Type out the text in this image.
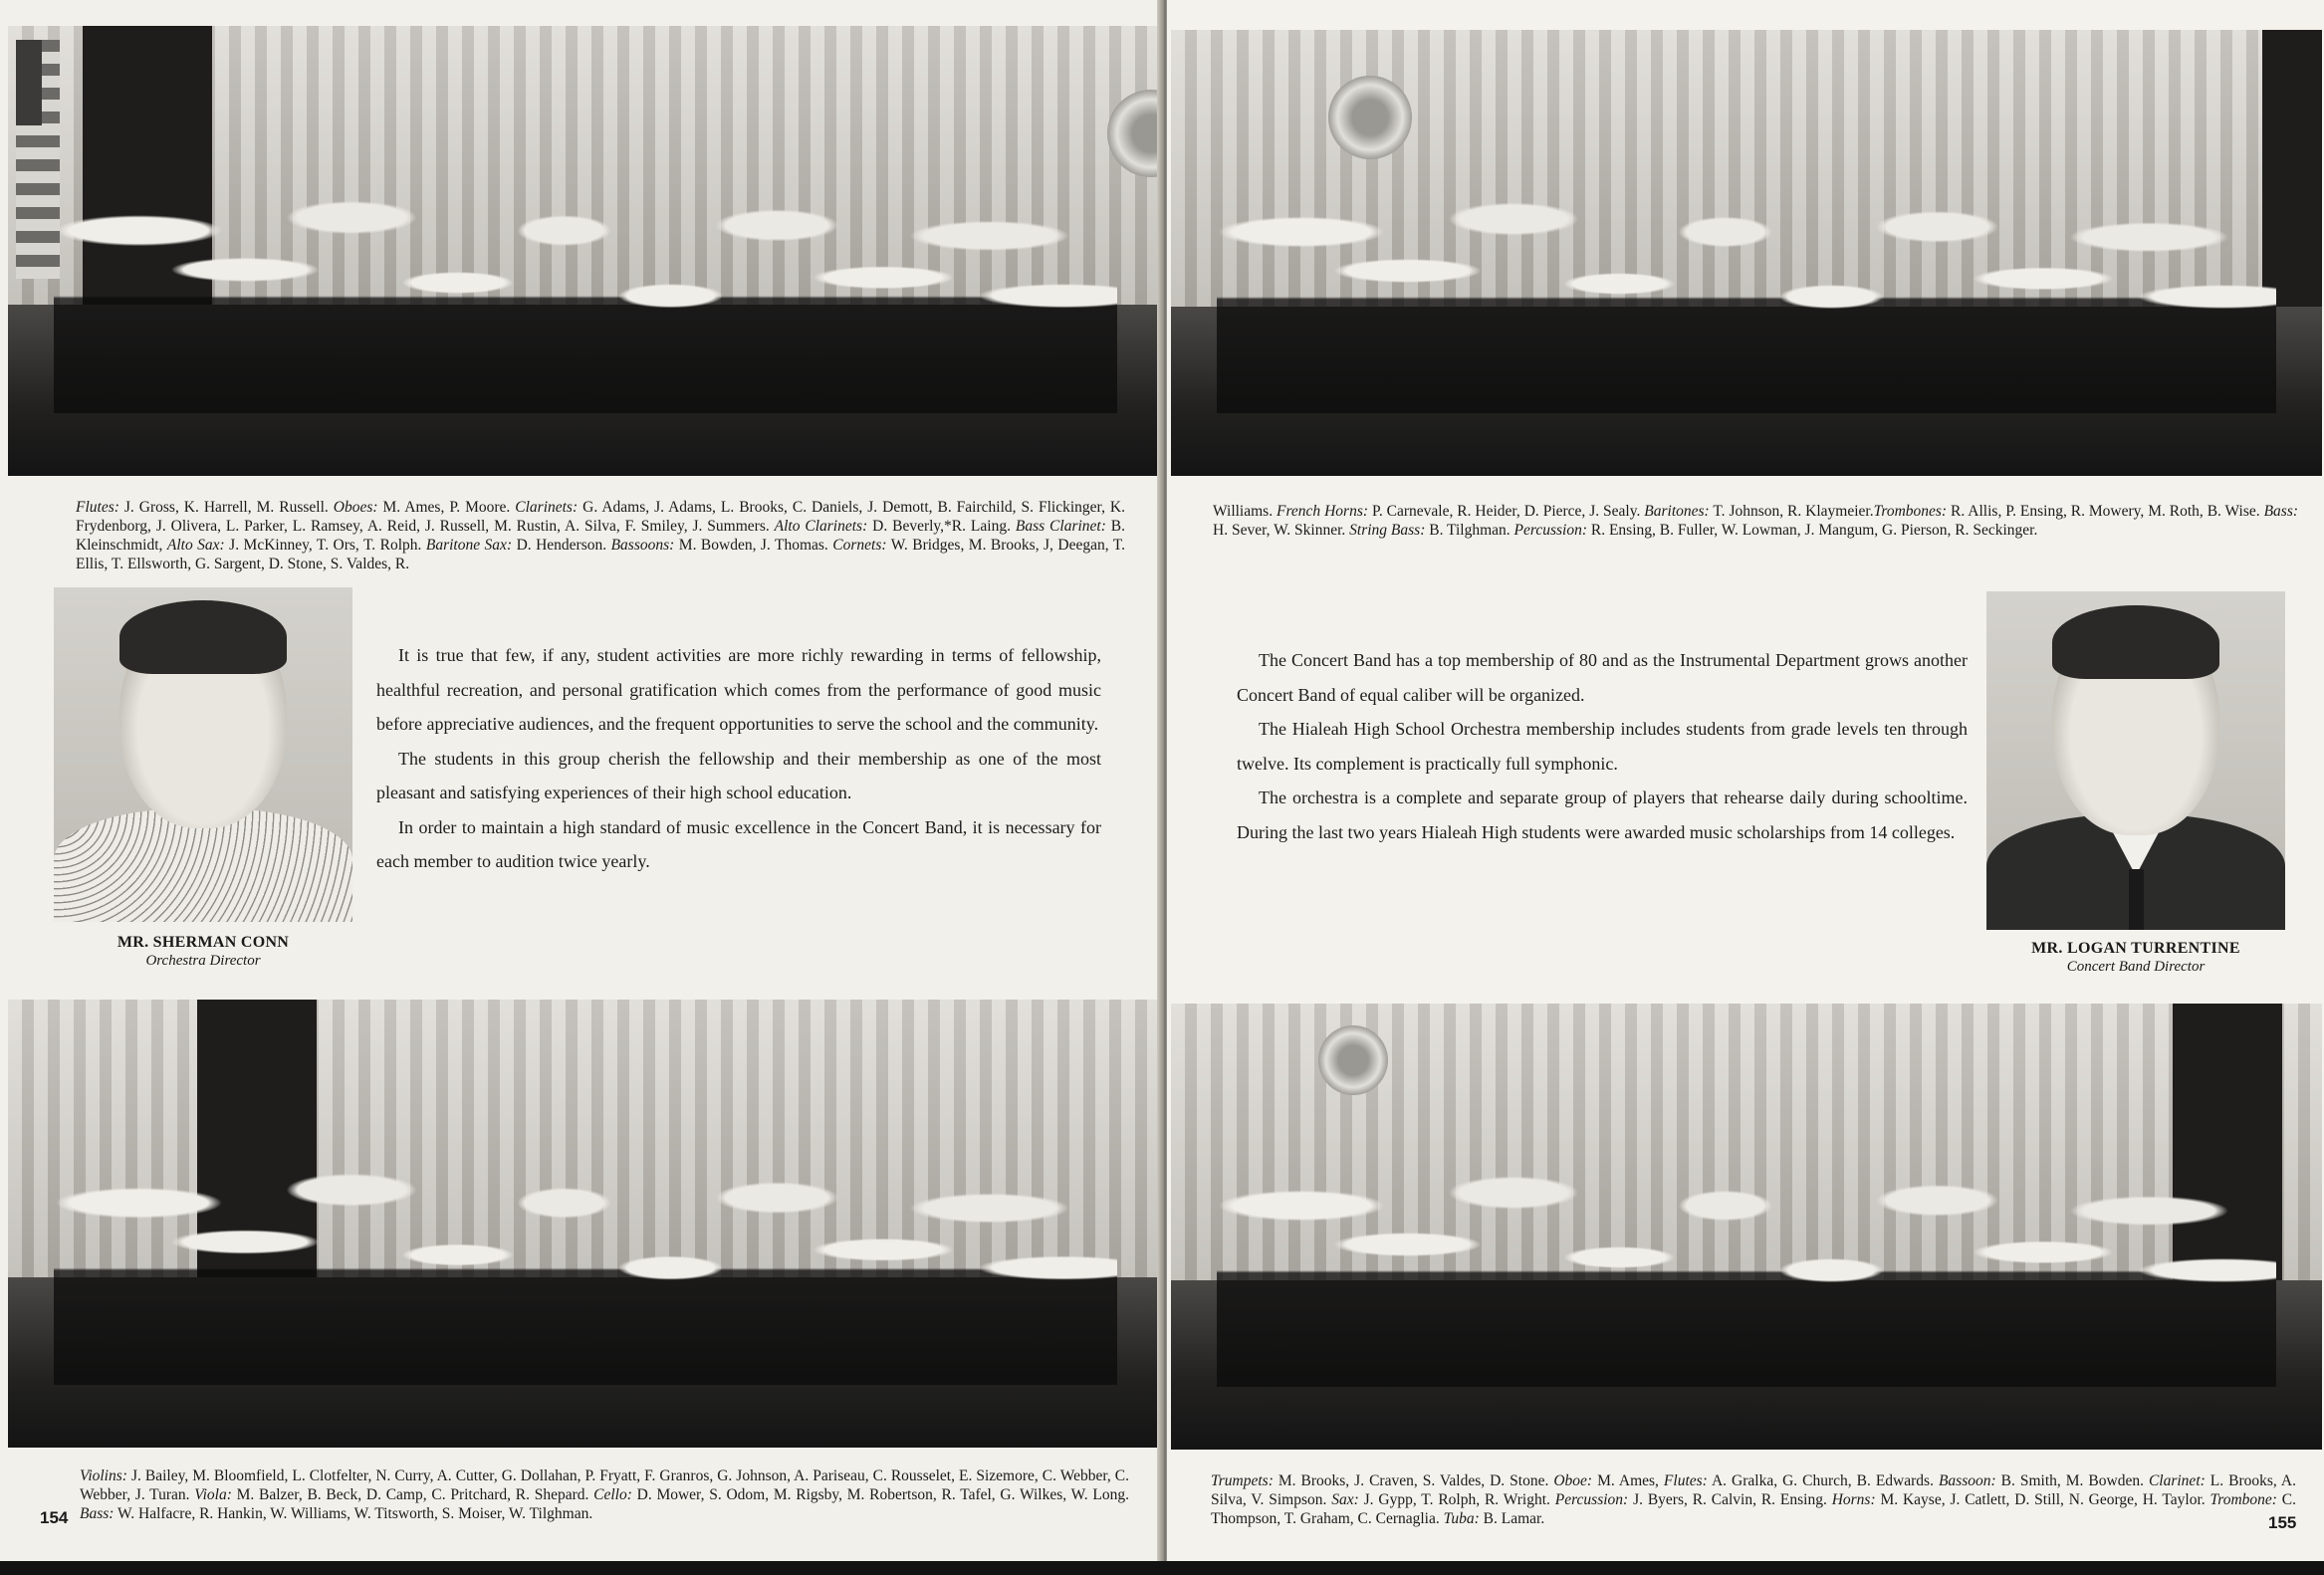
Flutes: J. Gross, K. Harrell, M. Russell. Oboes: M. Ames, P. Moore. Clarinets: G. Adams, J. Adams, L. Brooks, C. Daniels, J. Demott, B. Fairchild, S. Flickinger, K. Frydenborg, J. Olivera, L. Parker, L. Ramsey, A. Reid, J. Russell, M. Rustin, A. Silva, F. Smiley, J. Summers. Alto Clarinets: D. Beverly,*R. Laing. Bass Clarinet: B. Kleinschmidt, Alto Sax: J. McKinney, T. Ors, T. Rolph. Baritone Sax: D. Henderson. Bassoons: M. Bowden, J. Thomas. Cornets: W. Bridges, M. Brooks, J, Deegan, T. Ellis, T. Ellsworth, G. Sargent, D. Stone, S. Valdes, R.
MR. SHERMAN CONN
Orchestra Director

It is true that few, if any, student activities are more richly rewarding in terms of fellowship, healthful recreation, and personal gratification which comes from the performance of good music before appreciative audiences, and the frequent opportunities to serve the school and the community.

The students in this group cherish the fellowship and their membership as one of the most pleasant and satisfying experiences of their high school education.

In order to maintain a high standard of music excellence in the Concert Band, it is necessary for each member to audition twice yearly.

Violins: J. Bailey, M. Bloomfield, L. Clotfelter, N. Curry, A. Cutter, G. Dollahan, P. Fryatt, F. Granros, G. Johnson, A. Pariseau, C. Rousselet, E. Sizemore, C. Webber, C. Webber, J. Turan. Viola: M. Balzer, B. Beck, D. Camp, C. Pritchard, R. Shepard. Cello: D. Mower, S. Odom, M. Rigsby, M. Robertson, R. Tafel, G. Wilkes, W. Long. Bass: W. Halfacre, R. Hankin, W. Williams, W. Titsworth, S. Moiser, W. Tilghman.
154
Williams. French Horns: P. Carnevale, R. Heider, D. Pierce, J. Sealy. Baritones: T. Johnson, R. Klaymeier.Trombones: R. Allis, P. Ensing, R. Mowery, M. Roth, B. Wise. Bass: H. Sever, W. Skinner. String Bass: B. Tilghman. Percussion: R. Ensing, B. Fuller, W. Lowman, J. Mangum, G. Pierson, R. Seckinger.

The Concert Band has a top membership of 80 and as the Instrumental Department grows another Concert Band of equal caliber will be organized.

The Hialeah High School Orchestra membership includes students from grade levels ten through twelve. Its complement is practically full symphonic.

The orchestra is a complete and separate group of players that rehearse daily during schooltime. During the last two years Hialeah High students were awarded music scholarships from 14 colleges.

MR. LOGAN TURRENTINE
Concert Band Director
Trumpets: M. Brooks, J. Craven, S. Valdes, D. Stone. Oboe: M. Ames, Flutes: A. Gralka, G. Church, B. Edwards. Bassoon: B. Smith, M. Bowden. Clarinet: L. Brooks, A. Silva, V. Simpson. Sax: J. Gypp, T. Rolph, R. Wright. Percussion: J. Byers, R. Calvin, R. Ensing. Horns: M. Kayse, J. Catlett, D. Still, N. George, H. Taylor. Trombone: C. Thompson, T. Graham, C. Cernaglia. Tuba: B. Lamar.	155
